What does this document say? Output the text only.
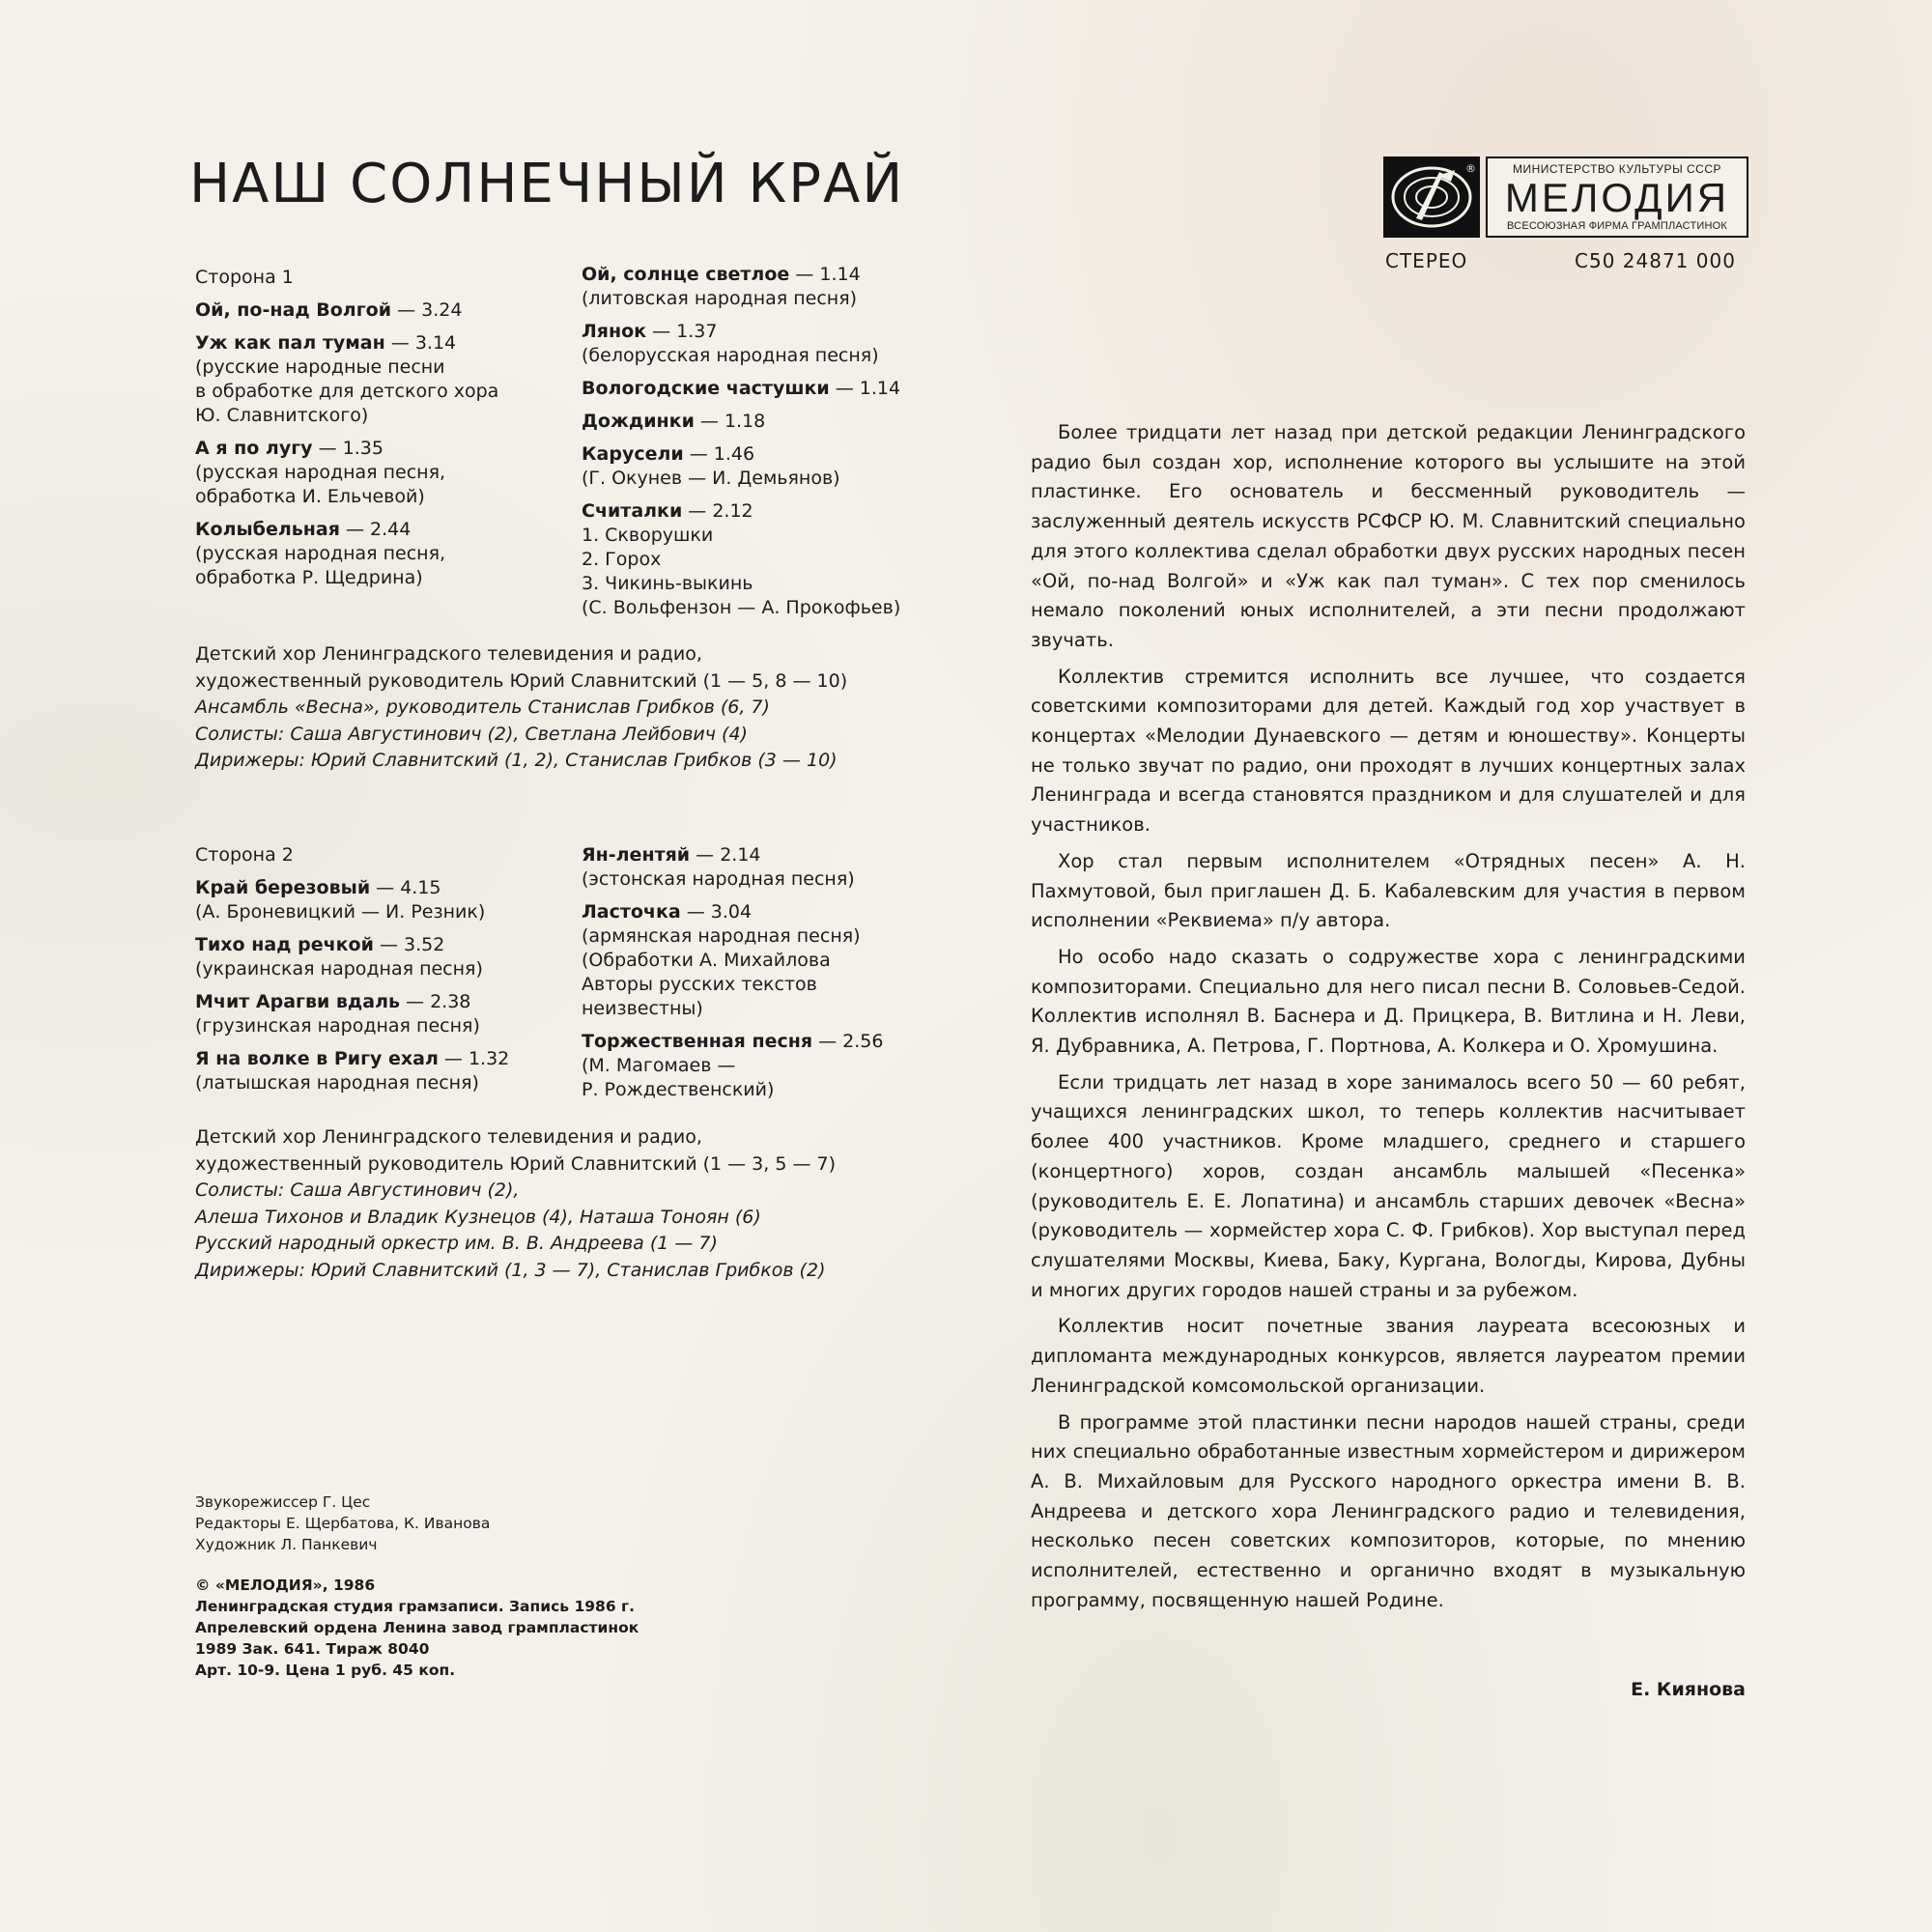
НАШ СОЛНЕЧНЫЙ КРАЙ	®	МИНИСТЕРСТВО КУЛЬТУРЫ СССР
МЕЛОДИЯ
ВСЕСОЮЗНАЯ ФИРМА ГРАМПЛАСТИНОК
СТЕРЕО	С50 24871 000
Сторона 1
Ой, по-над Волгой — 3.24
Уж как пал туман — 3.14
(русские народные песни
в обработке для детского хора
Ю. Славнитского)
А я по лугу — 1.35
(русская народная песня,
обработка И. Ельчевой)
Колыбельная — 2.44
(русская народная песня,
обработка Р. Щедрина)
Ой, солнце светлое — 1.14
(литовская народная песня)
Лянок — 1.37
(белорусская народная песня)
Вологодские частушки — 1.14
Дождинки — 1.18
Карусели — 1.46
(Г. Окунев — И. Демьянов)
Считалки — 2.12
1. Скворушки
2. Горох
3. Чикинь-выкинь
(С. Вольфензон — А. Прокофьев)
Детский хор Ленинградского телевидения и радио,
художественный руководитель Юрий Славнитский (1 — 5, 8 — 10)
Ансамбль «Весна», руководитель Станислав Грибков (6, 7)
Солисты: Саша Августинович (2), Светлана Лейбович (4)
Дирижеры: Юрий Славнитский (1, 2), Станислав Грибков (3 — 10)
Сторона 2
Край березовый — 4.15
(А. Броневицкий — И. Резник)
Тихо над речкой — 3.52
(украинская народная песня)
Мчит Арагви вдаль — 2.38
(грузинская народная песня)
Я на волке в Ригу ехал — 1.32
(латышская народная песня)
Ян-лентяй — 2.14
(эстонская народная песня)
Ласточка — 3.04
(армянская народная песня)
(Обработки А. Михайлова
Авторы русских текстов
неизвестны)
Торжественная песня — 2.56
(М. Магомаев —
Р. Рождественский)
Детский хор Ленинградского телевидения и радио,
художественный руководитель Юрий Славнитский (1 — 3, 5 — 7)
Солисты: Саша Августинович (2),
Алеша Тихонов и Владик Кузнецов (4), Наташа Тоноян (6)
Русский народный оркестр им. В. В. Андреева (1 — 7)
Дирижеры: Юрий Славнитский (1, 3 — 7), Станислав Грибков (2)
Звукорежиссер Г. Цес
Редакторы Е. Щербатова, К. Иванова
Художник Л. Панкевич
© «МЕЛОДИЯ», 1986
Ленинградская студия грамзаписи. Запись 1986 г.
Апрелевский ордена Ленина завод грампластинок
1989 Зак. 641. Тираж 8040
Арт. 10-9. Цена 1 руб. 45 коп.

Более тридцати лет назад при детской редакции Ленинградского радио был создан хор, исполнение которого вы услышите на этой пластинке. Его основатель и бессменный руководитель — заслуженный деятель искусств РСФСР Ю. М. Славнитский специально для этого коллектива сделал обработки двух русских народных песен «Ой, по-над Волгой» и «Уж как пал туман». С тех пор сменилось немало поколений юных исполнителей, а эти песни продолжают звучать.

Коллектив стремится исполнить все лучшее, что создается советскими композиторами для детей. Каждый год хор участвует в концертах «Мелодии Дунаевского — детям и юношеству». Концерты не только звучат по радио, они проходят в лучших концертных залах Ленинграда и всегда становятся праздником и для слушателей и для участников.

Хор стал первым исполнителем «Отрядных песен» А. Н. Пахмутовой, был приглашен Д. Б. Кабалевским для участия в первом исполнении «Реквиема» п/у автора.

Но особо надо сказать о содружестве хора с ленинградскими композиторами. Специально для него писал песни В. Соловьев-Седой. Коллектив исполнял В. Баснера и Д. Прицкера, В. Витлина и Н. Леви, Я. Дубравника, А. Петрова, Г. Портнова, А. Колкера и О. Хромушина.

Если тридцать лет назад в хоре занималось всего 50 — 60 ребят, учащихся ленинградских школ, то теперь коллектив насчитывает более 400 участников. Кроме младшего, среднего и старшего (концертного) хоров, создан ансамбль малышей «Песенка» (руководитель Е. Е. Лопатина) и ансамбль старших девочек «Весна» (руководитель — хормейстер хора С. Ф. Грибков). Хор выступал перед слушателями Москвы, Киева, Баку, Кургана, Вологды, Кирова, Дубны и многих других городов нашей страны и за рубежом.

Коллектив носит почетные звания лауреата всесоюзных и дипломанта международных конкурсов, является лауреатом премии Ленинградской комсомольской организации.

В программе этой пластинки песни народов нашей страны, среди них специально обработанные известным хормейстером и дирижером А. В. Михайловым для Русского народного оркестра имени В. В. Андреева и детского хора Ленинградского радио и телевидения, несколько песен советских композиторов, которые, по мнению исполнителей, естественно и органично входят в музыкальную программу, посвященную нашей Родине.

Е. Киянова
